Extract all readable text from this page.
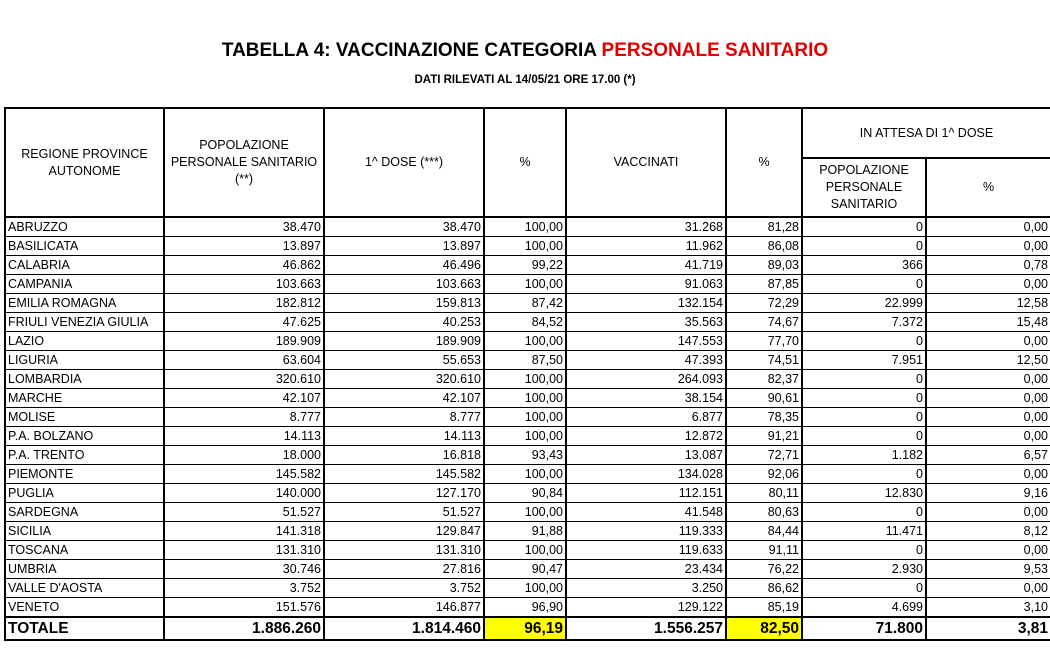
TABELLA 4: VACCINAZIONE CATEGORIA PERSONALE SANITARIO
DATI RILEVATI AL 14/05/21 ORE 17.00 (*)
REGIONE PROVINCE AUTONOME	POPOLAZIONE PERSONALE SANITARIO (**)	1^ DOSE (***)	%	VACCINATI	%	IN ATTESA DI 1^ DOSE	
						POPOLAZIONE PERSONALE SANITARIO	%
ABRUZZO	38.470	38.470	100,00	31.268	81,28	0	0,00
BASILICATA	13.897	13.897	100,00	11.962	86,08	0	0,00
CALABRIA	46.862	46.496	99,22	41.719	89,03	366	0,78
CAMPANIA	103.663	103.663	100,00	91.063	87,85	0	0,00
EMILIA ROMAGNA	182.812	159.813	87,42	132.154	72,29	22.999	12,58
FRIULI VENEZIA GIULIA	47.625	40.253	84,52	35.563	74,67	7.372	15,48
LAZIO	189.909	189.909	100,00	147.553	77,70	0	0,00
LIGURIA	63.604	55.653	87,50	47.393	74,51	7.951	12,50
LOMBARDIA	320.610	320.610	100,00	264.093	82,37	0	0,00
MARCHE	42.107	42.107	100,00	38.154	90,61	0	0,00
MOLISE	8.777	8.777	100,00	6.877	78,35	0	0,00
P.A. BOLZANO	14.113	14.113	100,00	12.872	91,21	0	0,00
P.A. TRENTO	18.000	16.818	93,43	13.087	72,71	1.182	6,57
PIEMONTE	145.582	145.582	100,00	134.028	92,06	0	0,00
PUGLIA	140.000	127.170	90,84	112.151	80,11	12.830	9,16
SARDEGNA	51.527	51.527	100,00	41.548	80,63	0	0,00
SICILIA	141.318	129.847	91,88	119.333	84,44	11.471	8,12
TOSCANA	131.310	131.310	100,00	119.633	91,11	0	0,00
UMBRIA	30.746	27.816	90,47	23.434	76,22	2.930	9,53
VALLE D'AOSTA	3.752	3.752	100,00	3.250	86,62	0	0,00
VENETO	151.576	146.877	96,90	129.122	85,19	4.699	3,10
TOTALE	1.886.260	1.814.460	96,19	1.556.257	82,50	71.800	3,81
